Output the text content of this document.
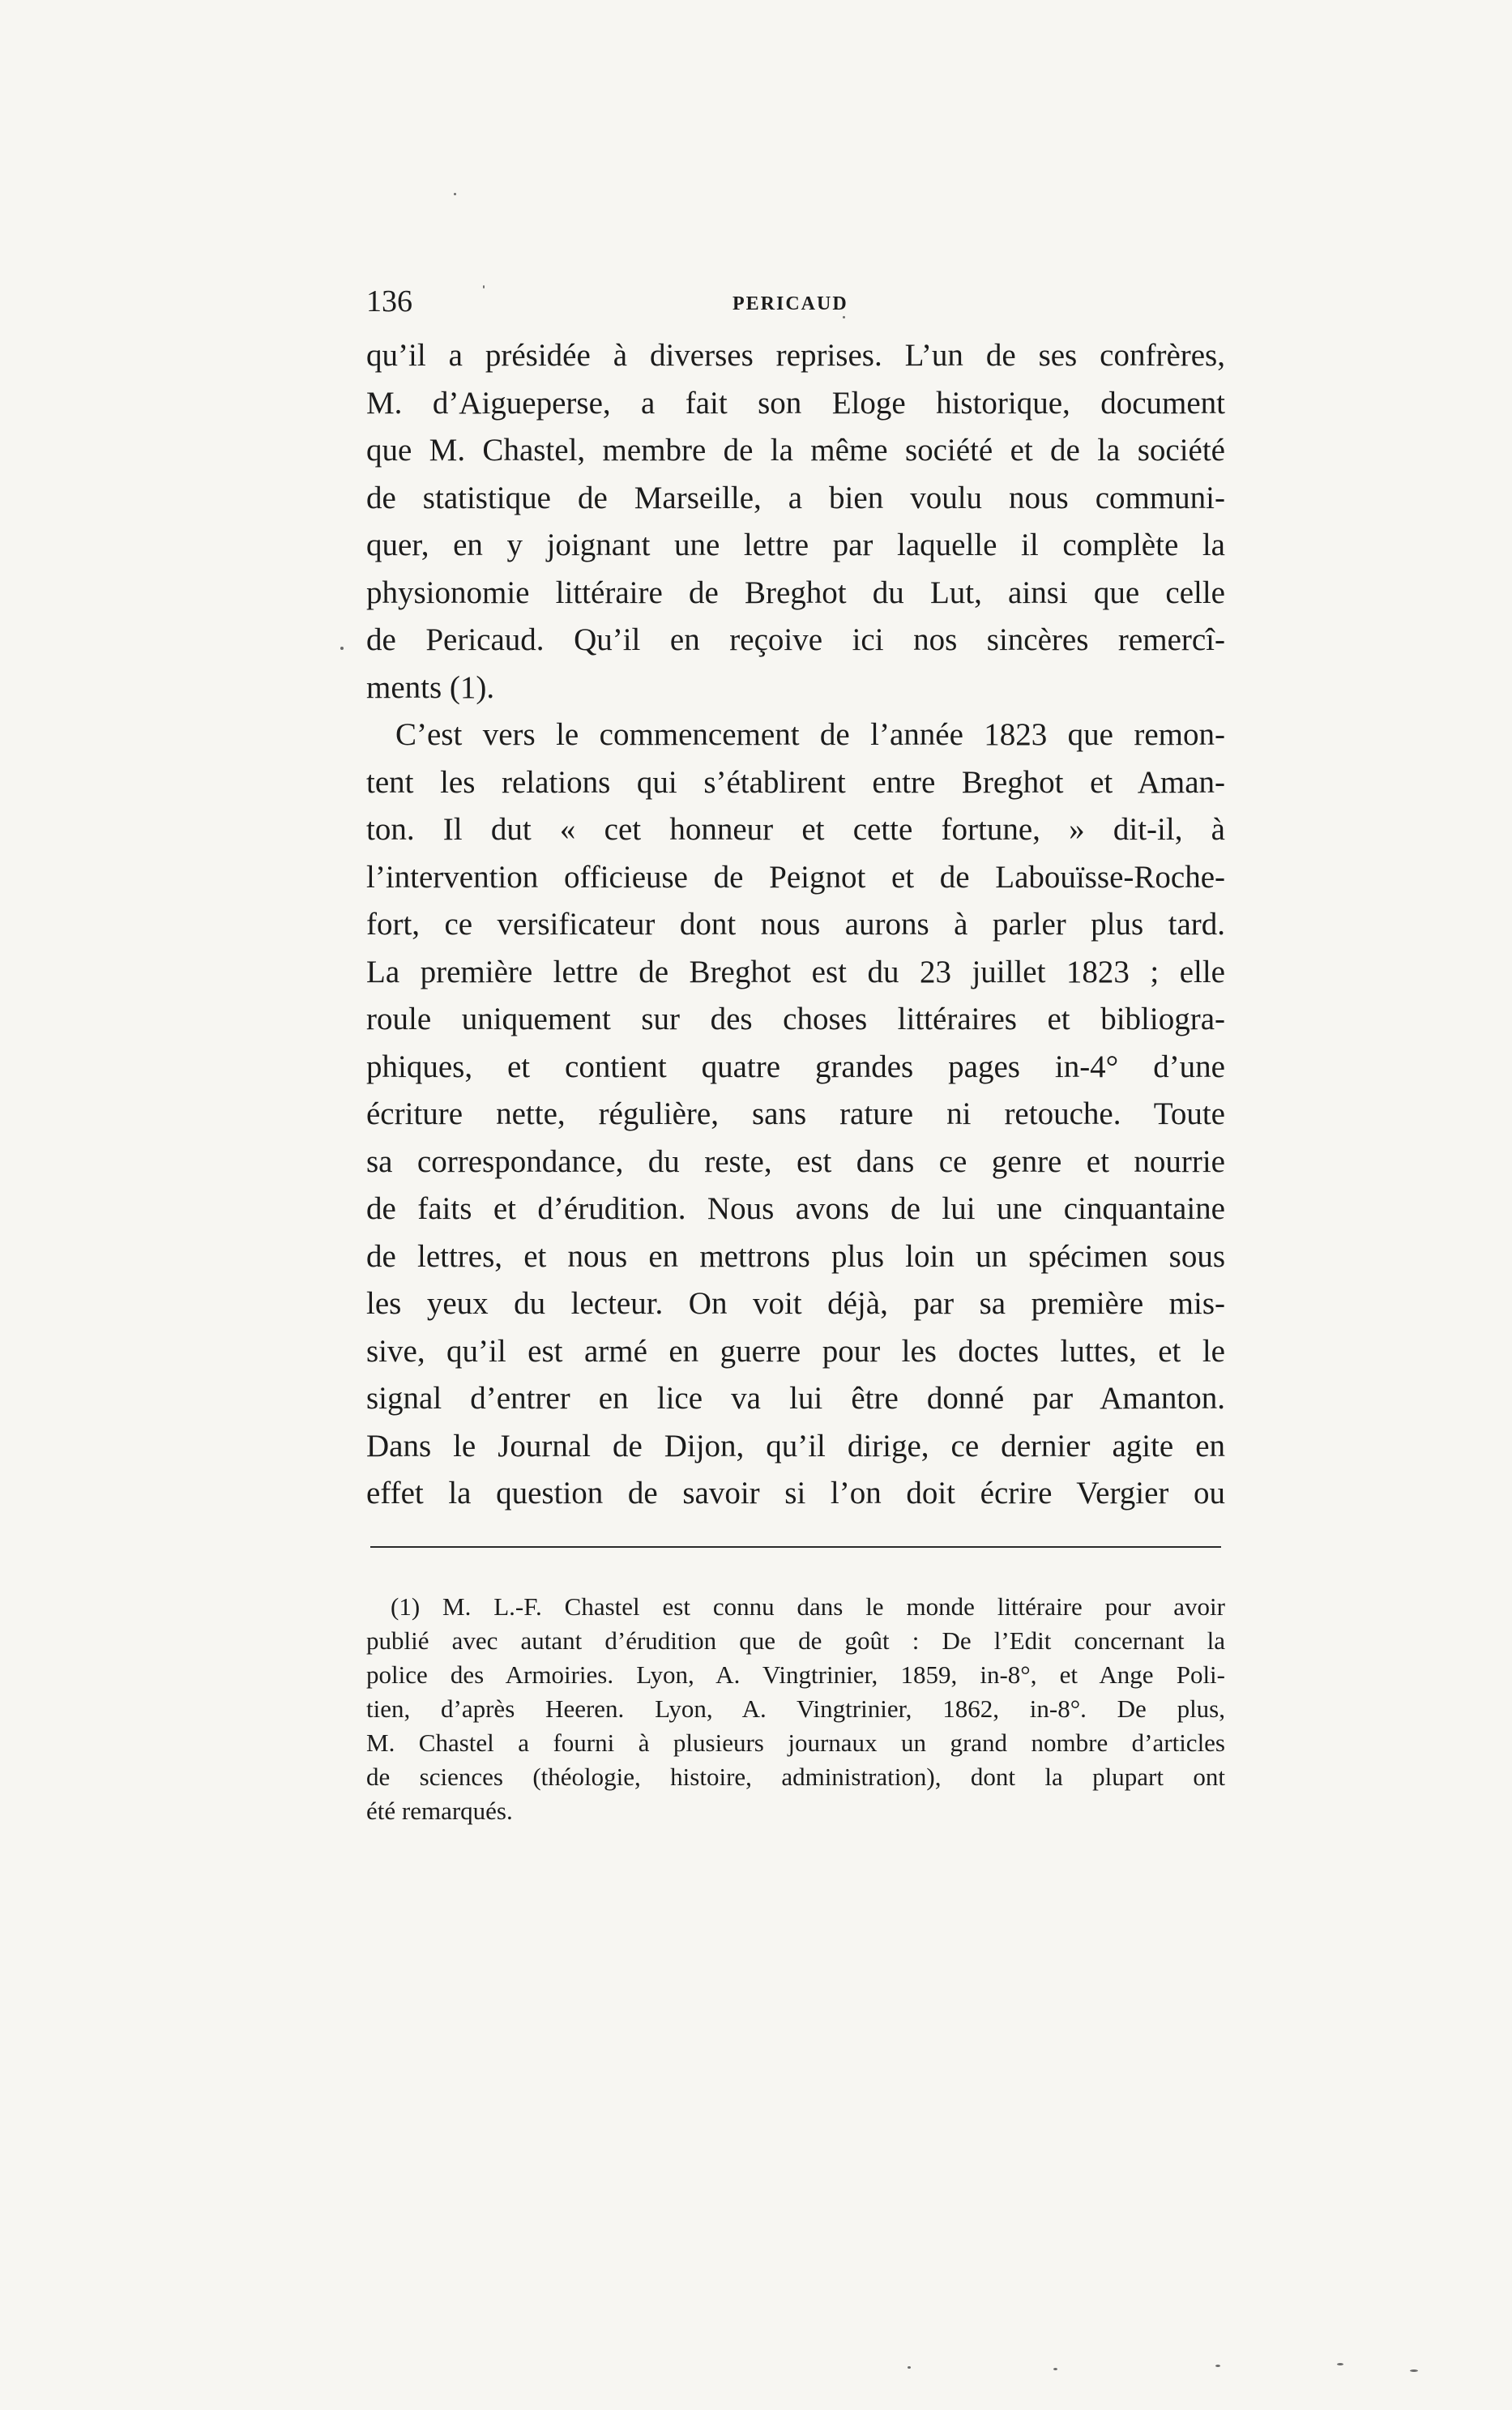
136	PERICAUD
qu’il a présidée à diverses reprises. L’un de ses confrères,
M. d’Aigueperse, a fait son Eloge historique, document
que M. Chastel, membre de la même société et de la société
de statistique de Marseille, a bien voulu nous communi-
quer, en y joignant une lettre par laquelle il complète la
physionomie littéraire de Breghot du Lut, ainsi que celle
de Pericaud. Qu’il en reçoive ici nos sincères remercî-
ments (1).
C’est vers le commencement de l’année 1823 que remon-
tent les relations qui s’établirent entre Breghot et Aman-
ton. Il dut « cet honneur et cette fortune, » dit-il, à
l’intervention officieuse de Peignot et de Labouïsse-Roche-
fort, ce versificateur dont nous aurons à parler plus tard.
La première lettre de Breghot est du 23 juillet 1823 ; elle
roule uniquement sur des choses littéraires et bibliogra-
phiques, et contient quatre grandes pages in-4° d’une
écriture nette, régulière, sans rature ni retouche. Toute
sa correspondance, du reste, est dans ce genre et nourrie
de faits et d’érudition. Nous avons de lui une cinquantaine
de lettres, et nous en mettrons plus loin un spécimen sous
les yeux du lecteur. On voit déjà, par sa première mis-
sive, qu’il est armé en guerre pour les doctes luttes, et le
signal d’entrer en lice va lui être donné par Amanton.
Dans le Journal de Dijon, qu’il dirige, ce dernier agite en
effet la question de savoir si l’on doit écrire Vergier ou
(1) M. L.-F. Chastel est connu dans le monde littéraire pour avoir
publié avec autant d’érudition que de goût : De l’Edit concernant la
police des Armoiries. Lyon, A. Vingtrinier, 1859, in-8°, et Ange Poli-
tien, d’après Heeren. Lyon, A. Vingtrinier, 1862, in-8°. De plus,
M. Chastel a fourni à plusieurs journaux un grand nombre d’articles
de sciences (théologie, histoire, administration), dont la plupart ont
été remarqués.
